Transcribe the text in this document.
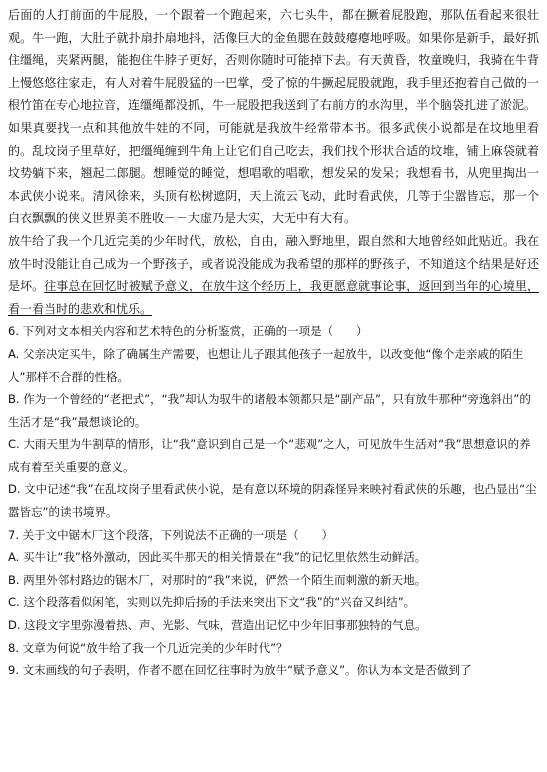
后面的人打前面的牛屁股，一个跟着一个跑起来，六七头牛，都在撅着屁股跑，那队伍看起来很壮观。牛一跑，大肚子就扑扇扑扇地抖，活像巨大的金鱼腮在鼓鼓瘪瘪地呼吸。如果你是新手，最好抓住缰绳，夹紧两腿，能抱住牛脖子更好，否则你随时可能掉下去。有天黄昏，牧童晚归，我骑在牛背上慢悠悠往家走，有人对着牛屁股猛的一巴掌，受了惊的牛撅起屁股就跑，我手里还抱着自己做的一根竹笛在专心地拉音，连缰绳都没抓，牛一屁股把我送到了右前方的水沟里，半个脑袋扎进了淤泥。

如果真要找一点和其他放牛娃的不同，可能就是我放牛经常带本书。很多武侠小说都是在坟地里看的。乱坟岗子里草好，把缰绳缠到牛角上让它们自己吃去，我们找个形状合适的坟堆，铺上麻袋就着坟势躺下来，翘起二郎腿。想睡觉的睡觉，想唱歌的唱歌，想发呆的发呆；我想看书，从兜里掏出一本武侠小说来。清风徐来，头顶有松树遮阴，天上流云飞动，此时看武侠，几等于尘嚣皆忘，那一个白衣飘飘的侠义世界美不胜收－－大虚乃是大实，大无中有大有。

放牛给了我一个几近完美的少年时代，放松，自由，融入野地里，跟自然和大地曾经如此贴近。我在放牛时没能让自己成为一个野孩子，或者说没能成为我希望的那样的野孩子，不知道这个结果是好还是坏。往事总在回忆时被赋予意义，在放牛这个经历上，我更愿意就事论事，返回到当年的心境里，看一看当时的悲欢和忧乐。

6. 下列对文本相关内容和艺术特色的分析鉴赏，正确的一项是（　　）

A. 父亲决定买牛，除了确属生产需要，也想让儿子跟其他孩子一起放牛，以改变他“像个走亲戚的陌生人”那样不合群的性格。

B. 作为一个曾经的“老把式”，“我”却认为驭牛的诸般本领都只是“副产品”，只有放牛那种“旁逸斜出”的生活才是“我”最想谈论的。

C. 大雨天里为牛割草的情形，让“我”意识到自己是一个“悲观”之人，可见放牛生活对“我”思想意识的养成有着至关重要的意义。

D. 文中记述“我”在乱坟岗子里看武侠小说，是有意以环境的阴森怪异来映衬看武侠的乐趣，也凸显出“尘嚣皆忘”的读书境界。

7. 关于文中锯木厂这个段落，下列说法不正确的一项是（　　）

A. 买牛让“我”格外激动，因此买牛那天的相关情景在“我”的记忆里依然生动鲜活。

B. 两里外邻村路边的锯木厂，对那时的“我”来说，俨然一个陌生而刺激的新天地。

C. 这个段落看似闲笔，实则以先抑后扬的手法来突出下文“我”的“兴奋又纠结”。

D. 这段文字里弥漫着热、声、光影、气味，营造出记忆中少年旧事那独特的气息。

8. 文章为何说“放牛给了我一个几近完美的少年时代”？

9. 文末画线的句子表明，作者不愿在回忆往事时为放牛“赋予意义”。你认为本文是否做到了
